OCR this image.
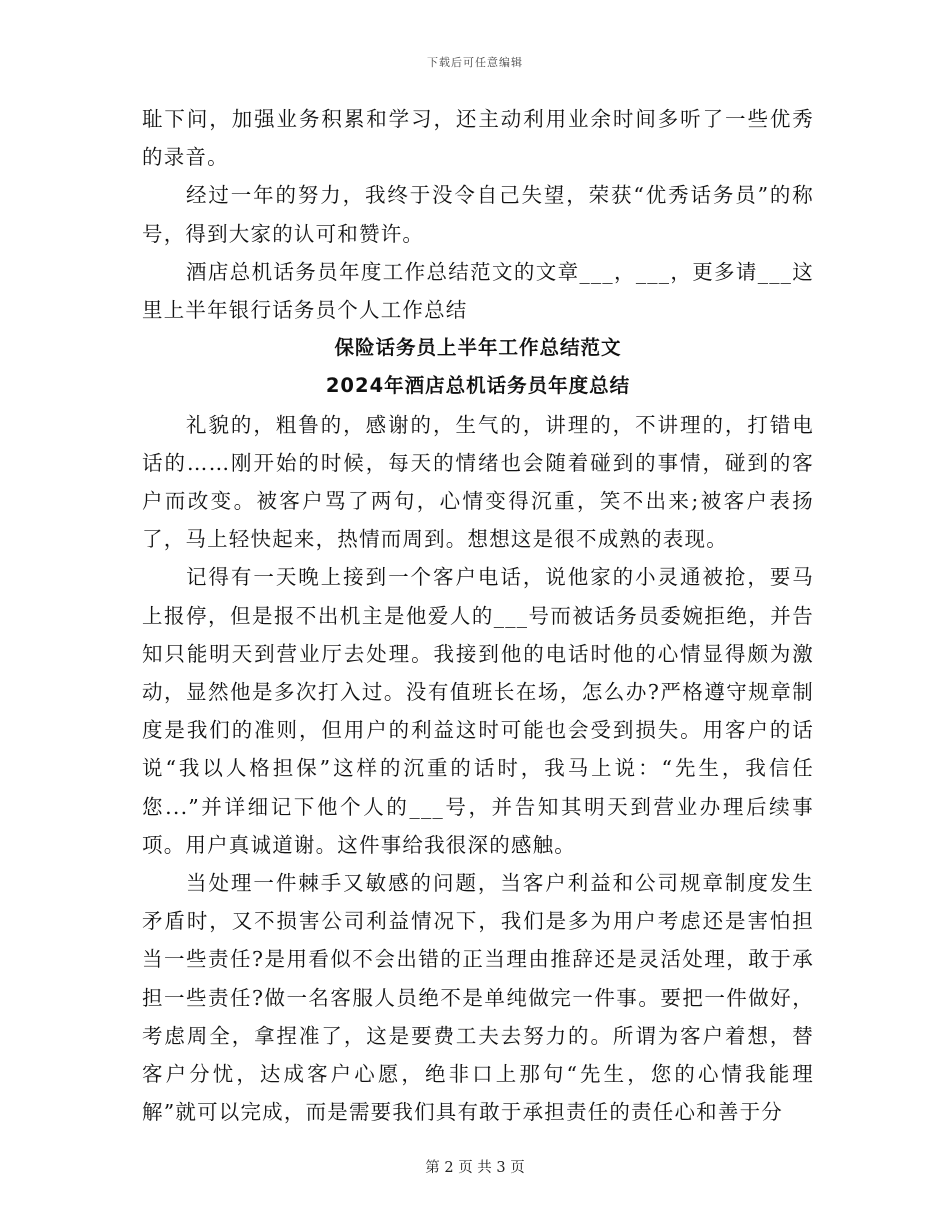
下载后可任意编辑

耻下问，加强业务积累和学习，还主动利用业余时间多听了一些优秀的录音。

经过一年的努力，我终于没令自己失望，荣获“优秀话务员”的称号，得到大家的认可和赞许。

酒店总机话务员年度工作总结范文的文章___，___，更多请___这里上半年银行话务员个人工作总结

保险话务员上半年工作总结范文

2024年酒店总机话务员年度总结

礼貌的，粗鲁的，感谢的，生气的，讲理的，不讲理的，打错电话的……刚开始的时候，每天的情绪也会随着碰到的事情，碰到的客户而改变。被客户骂了两句，心情变得沉重，笑不出来;被客户表扬了，马上轻快起来，热情而周到。想想这是很不成熟的表现。

记得有一天晚上接到一个客户电话，说他家的小灵通被抢，要马上报停，但是报不出机主是他爱人的___号而被话务员委婉拒绝，并告知只能明天到营业厅去处理。我接到他的电话时他的心情显得颇为激动，显然他是多次打入过。没有值班长在场，怎么办?严格遵守规章制度是我们的准则，但用户的利益这时可能也会受到损失。用客户的话说“我以人格担保”这样的沉重的话时，我马上说：“先生，我信任您...”并详细记下他个人的___号，并告知其明天到营业办理后续事项。用户真诚道谢。这件事给我很深的感触。

当处理一件棘手又敏感的问题，当客户利益和公司规章制度发生矛盾时，又不损害公司利益情况下，我们是多为用户考虑还是害怕担当一些责任?是用看似不会出错的正当理由推辞还是灵活处理，敢于承担一些责任?做一名客服人员绝不是单纯做完一件事。要把一件做好，考虑周全，拿捏准了，这是要费工夫去努力的。所谓为客户着想，替客户分忧，达成客户心愿，绝非口上那句“先生，您的心情我能理解”就可以完成，而是需要我们具有敢于承担责任的责任心和善于分

第 2 页 共 3 页
